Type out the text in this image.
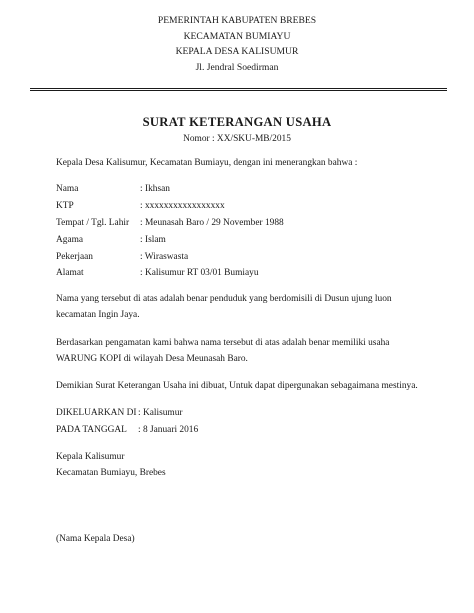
PEMERINTAH KABUPATEN BREBES
KECAMATAN BUMIAYU
KEPALA DESA KALISUMUR
Jl. Jendral Soedirman
SURAT KETERANGAN USAHA
Nomor : XX/SKU-MB/2015
Kepala Desa Kalisumur, Kecamatan Bumiayu, dengan ini menerangkan bahwa :
Nama	: Ikhsan
KTP	: xxxxxxxxxxxxxxxxx
Tempat / Tgl. Lahir : Meunasah Baro / 29 November 1988
Agama	: Islam
Pekerjaan	: Wiraswasta
Alamat	: Kalisumur RT 03/01 Bumiayu
Nama yang tersebut di atas adalah benar penduduk yang berdomisili di Dusun ujung luon
kecamatan Ingin Jaya.
Berdasarkan pengamatan kami bahwa nama tersebut di atas adalah benar memiliki usaha
WARUNG KOPI di wilayah Desa Meunasah Baro.
Demikian Surat Keterangan Usaha ini dibuat, Untuk dapat dipergunakan sebagaimana mestinya.
DIKELUARKAN DI : Kalisumur
PADA TANGGAL : 8 Januari 2016
Kepala Kalisumur
Kecamatan Bumiayu, Brebes
(Nama Kepala Desa)
